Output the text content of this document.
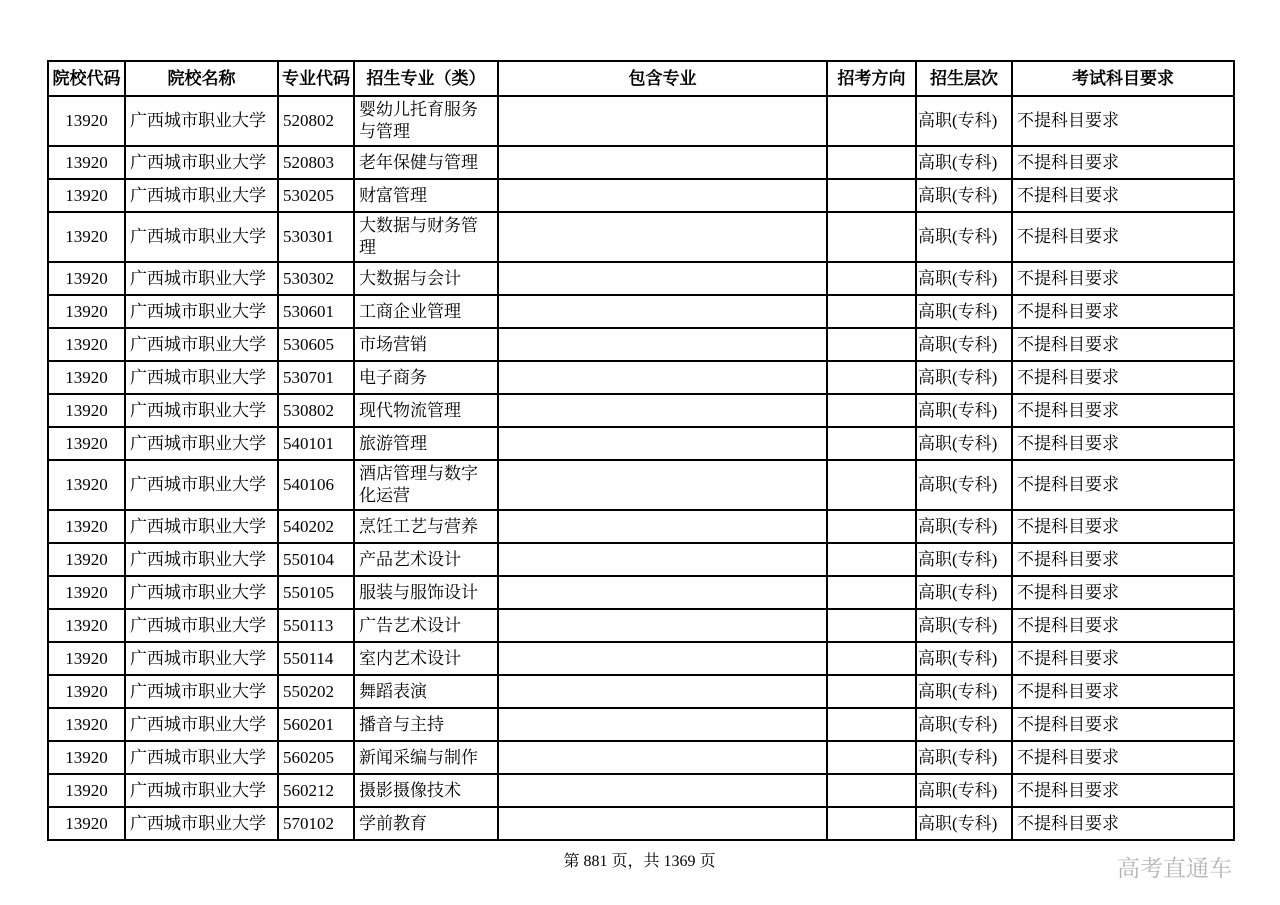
院校代码	院校名称	专业代码	招生专业（类）	包含专业	招考方向	招生层次	考试科目要求
13920	广西城市职业大学	520802	婴幼儿托育服务与管理			高职(专科)	不提科目要求
13920	广西城市职业大学	520803	老年保健与管理			高职(专科)	不提科目要求
13920	广西城市职业大学	530205	财富管理			高职(专科)	不提科目要求
13920	广西城市职业大学	530301	大数据与财务管理			高职(专科)	不提科目要求
13920	广西城市职业大学	530302	大数据与会计			高职(专科)	不提科目要求
13920	广西城市职业大学	530601	工商企业管理			高职(专科)	不提科目要求
13920	广西城市职业大学	530605	市场营销			高职(专科)	不提科目要求
13920	广西城市职业大学	530701	电子商务			高职(专科)	不提科目要求
13920	广西城市职业大学	530802	现代物流管理			高职(专科)	不提科目要求
13920	广西城市职业大学	540101	旅游管理			高职(专科)	不提科目要求
13920	广西城市职业大学	540106	酒店管理与数字化运营			高职(专科)	不提科目要求
13920	广西城市职业大学	540202	烹饪工艺与营养			高职(专科)	不提科目要求
13920	广西城市职业大学	550104	产品艺术设计			高职(专科)	不提科目要求
13920	广西城市职业大学	550105	服装与服饰设计			高职(专科)	不提科目要求
13920	广西城市职业大学	550113	广告艺术设计			高职(专科)	不提科目要求
13920	广西城市职业大学	550114	室内艺术设计			高职(专科)	不提科目要求
13920	广西城市职业大学	550202	舞蹈表演			高职(专科)	不提科目要求
13920	广西城市职业大学	560201	播音与主持			高职(专科)	不提科目要求
13920	广西城市职业大学	560205	新闻采编与制作			高职(专科)	不提科目要求
13920	广西城市职业大学	560212	摄影摄像技术			高职(专科)	不提科目要求
13920	广西城市职业大学	570102	学前教育			高职(专科)	不提科目要求
第 881 页，共 1369 页	高考直通车
